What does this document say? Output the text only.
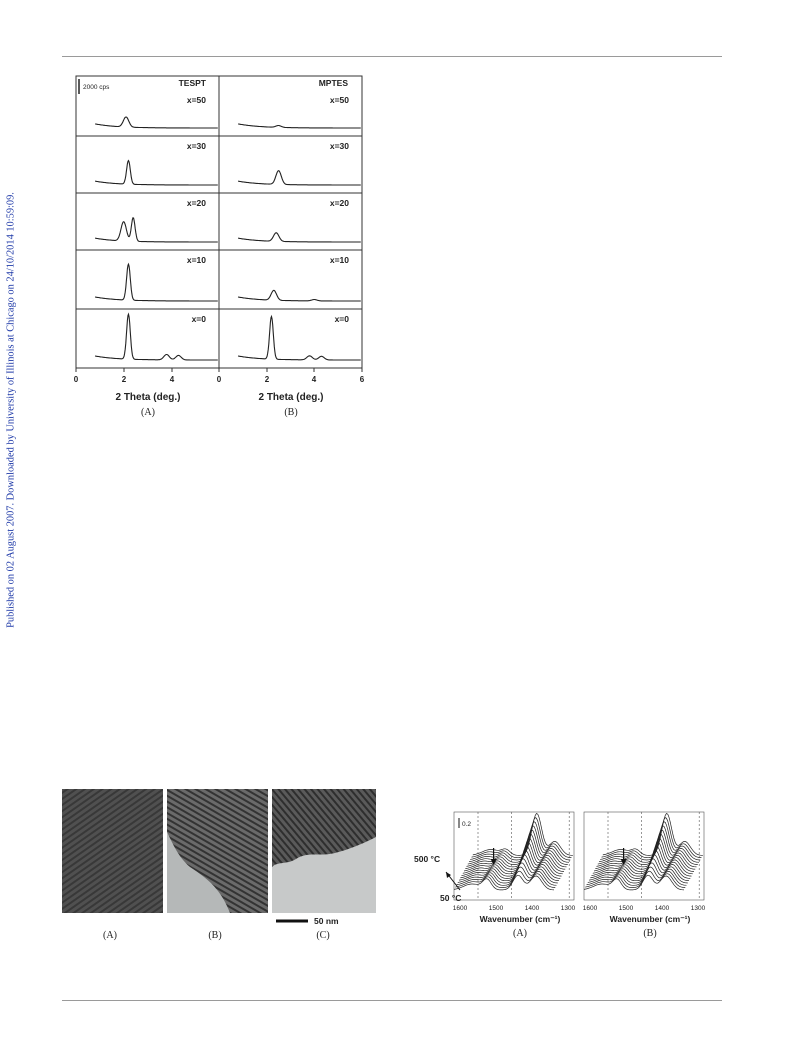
Published on 02 August 2007. Downloaded by University of Illinois at Chicago on 24/10/2014 10:59:09.
2000 cps	TESPT	MPTES
x=50
x=30
x=20
x=10
x=0
x=50
x=30
x=20
x=10
x=0
0	2	4	0	2	4	6
2 Theta (deg.)	2 Theta (deg.)
(A)	(B)
50 nm
(A)	(B)	(C)
0.2
500 °C
50 °C
1600	1500	1400	1300 1600	1500	1400	1300
Wavenumber (cm⁻¹)	Wavenumber (cm⁻¹)
(A)	(B)
